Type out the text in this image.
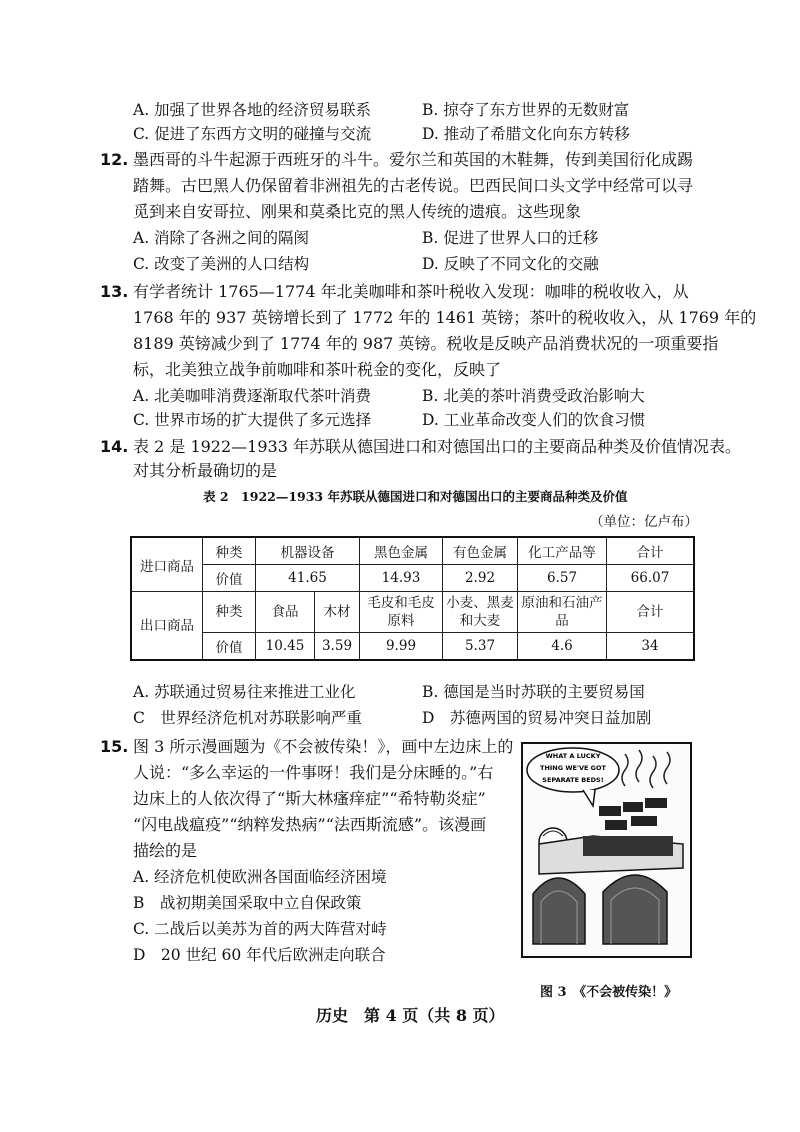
A. 加强了世界各地的经济贸易联系	B. 掠夺了东方世界的无数财富
C. 促进了东西方文明的碰撞与交流	D. 推动了希腊文化向东方转移
12. 墨西哥的斗牛起源于西班牙的斗牛。爱尔兰和英国的木鞋舞，传到美国衍化成踢
踏舞。古巴黑人仍保留着非洲祖先的古老传说。巴西民间口头文学中经常可以寻
觅到来自安哥拉、刚果和莫桑比克的黑人传统的遗痕。这些现象
A. 消除了各洲之间的隔阂	B. 促进了世界人口的迁移
C. 改变了美洲的人口结构	D. 反映了不同文化的交融
13. 有学者统计 1765—1774 年北美咖啡和茶叶税收入发现：咖啡的税收收入，从
1768 年的 937 英镑增长到了 1772 年的 1461 英镑；茶叶的税收收入，从 1769 年的
8189 英镑减少到了 1774 年的 987 英镑。税收是反映产品消费状况的一项重要指
标，北美独立战争前咖啡和茶叶税金的变化，反映了
A. 北美咖啡消费逐渐取代茶叶消费	B. 北美的茶叶消费受政治影响大
C. 世界市场的扩大提供了多元选择	D. 工业革命改变人们的饮食习惯
14. 表 2 是 1922—1933 年苏联从德国进口和对德国出口的主要商品种类及价值情况表。
对其分析最确切的是
表 2　1922—1933 年苏联从德国进口和对德国出口的主要商品种类及价值
（单位：亿卢布）
进口商品	种类	机器设备		黑色金属	有色金属	化工产品等	合计
	价值	41.65		14.93	2.92	6.57	66.07
出口商品	种类	食品	木材	毛皮和毛皮原料	小麦、黑麦和大麦	原油和石油产品	合计
	价值	10.45	3.59	9.99	5.37	4.6	34
A. 苏联通过贸易往来推进工业化	B. 德国是当时苏联的主要贸易国
C　世界经济危机对苏联影响严重	D　苏德两国的贸易冲突日益加剧
15. 图 3 所示漫画题为《不会被传染！》，画中左边床上的
人说：“多么幸运的一件事呀！我们是分床睡的。”右
边床上的人依次得了“斯大林瘙痒症”“希特勒炎症”
“闪电战瘟疫”“纳粹发热病”“法西斯流感”。该漫画
描绘的是
A. 经济危机使欧洲各国面临经济困境
B　战初期美国采取中立自保政策
C. 二战后以美苏为首的两大阵营对峙
D　20 世纪 60 年代后欧洲走向联合
WHAT A LUCKY
THING WE'VE GOT
SEPARATE BEDS!
图 3　《不会被传染！》
历史　第 4 页（共 8 页）
